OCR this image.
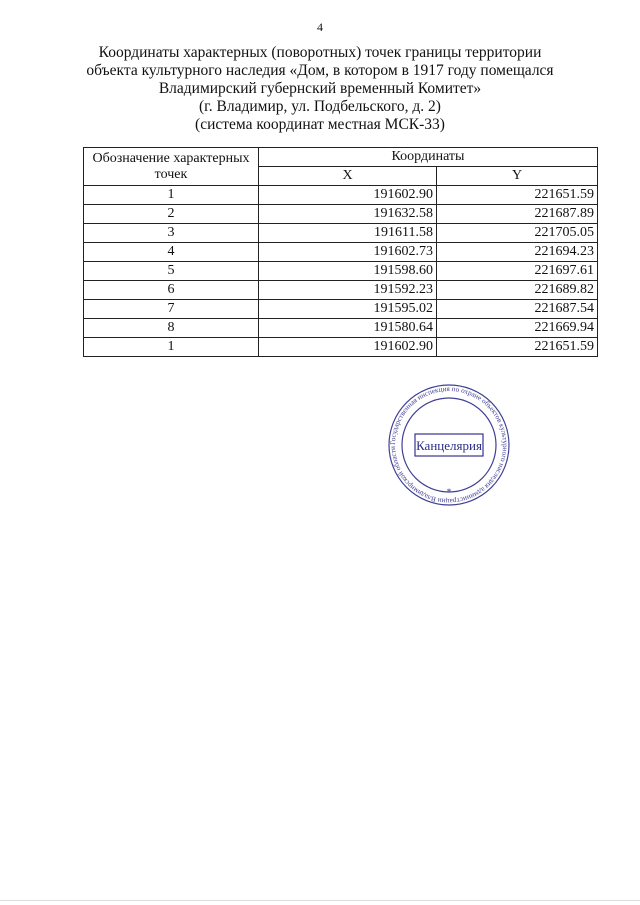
4
Координаты характерных (поворотных) точек границы территории
объекта культурного наследия «Дом, в котором в 1917 году помещался
Владимирский губернский временный Комитет»
(г. Владимир, ул. Подбельского, д. 2)
(система координат местная МСК-33)
Обозначение характерных точек	Координаты	
	X	Y
1	191602.90	221651.59
2	191632.58	221687.89
3	191611.58	221705.05
4	191602.73	221694.23
5	191598.60	221697.61
6	191592.23	221689.82
7	191595.02	221687.54
8	191580.64	221669.94
1	191602.90	221651.59
Государственная инспекция по охране объектов культурного наследия администрации Владимирской области	Канцелярия
*
